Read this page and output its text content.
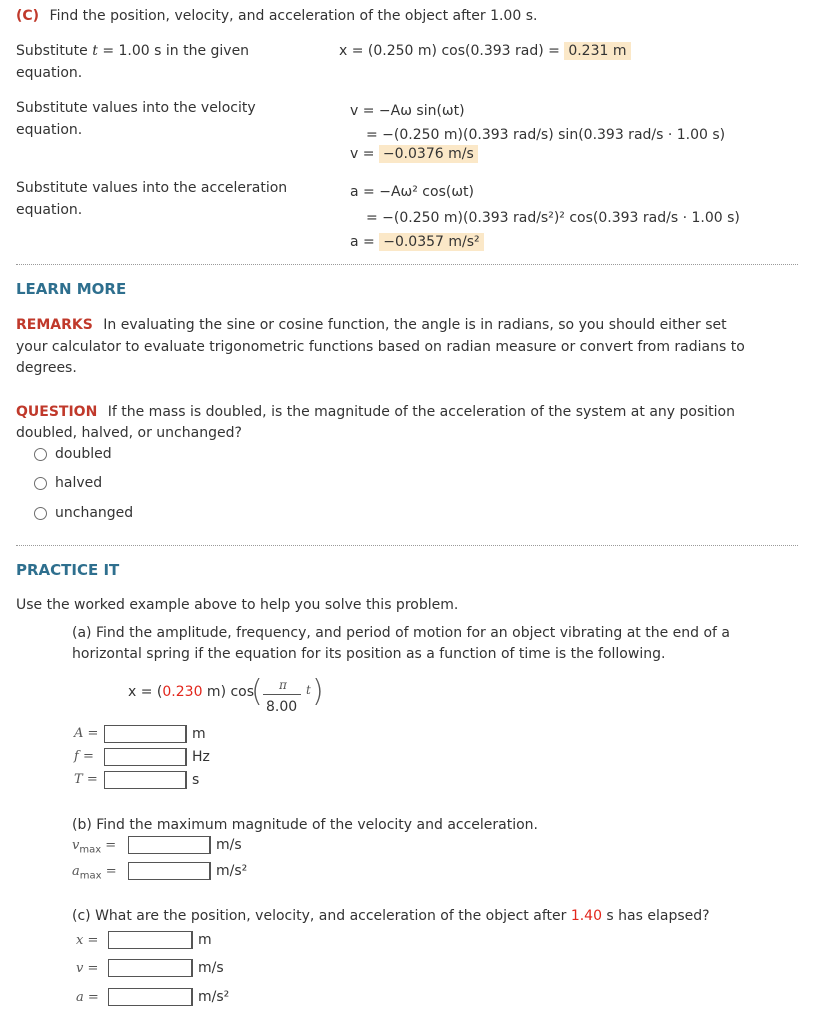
(C) Find the position, velocity, and acceleration of the object after 1.00 s.
Substitute t = 1.00 s in the given
equation.
x = (0.250 m) cos(0.393 rad) = 0.231 m
Substitute values into the velocity
equation.
v = −Aω sin(ωt)
= −(0.250 m)(0.393 rad/s) sin(0.393 rad/s · 1.00 s)
v = −0.0376 m/s
Substitute values into the acceleration
equation.
a = −Aω² cos(ωt)
= −(0.250 m)(0.393 rad/s²)² cos(0.393 rad/s · 1.00 s)
a = −0.0357 m/s²
LEARN MORE
REMARKS In evaluating the sine or cosine function, the angle is in radians, so you should either set
your calculator to evaluate trigonometric functions based on radian measure or convert from radians to
degrees.
QUESTION If the mass is doubled, is the magnitude of the acceleration of the system at any position
doubled, halved, or unchanged?
doubled
halved
unchanged
PRACTICE IT
Use the worked example above to help you solve this problem.
(a) Find the amplitude, frequency, and period of motion for an object vibrating at the end of a
horizontal spring if the equation for its position as a function of time is the following.
x = (0.230 m) cos
( π
8.00
t )
A =	m
f =	Hz
T =	s
(b) Find the maximum magnitude of the velocity and acceleration.
$v_{max}$ =	m/s
$a_{max}$ =	m/s²
(c) What are the position, velocity, and acceleration of the object after 1.40 s has elapsed?
x =	m
v =	m/s
a =	m/s²
